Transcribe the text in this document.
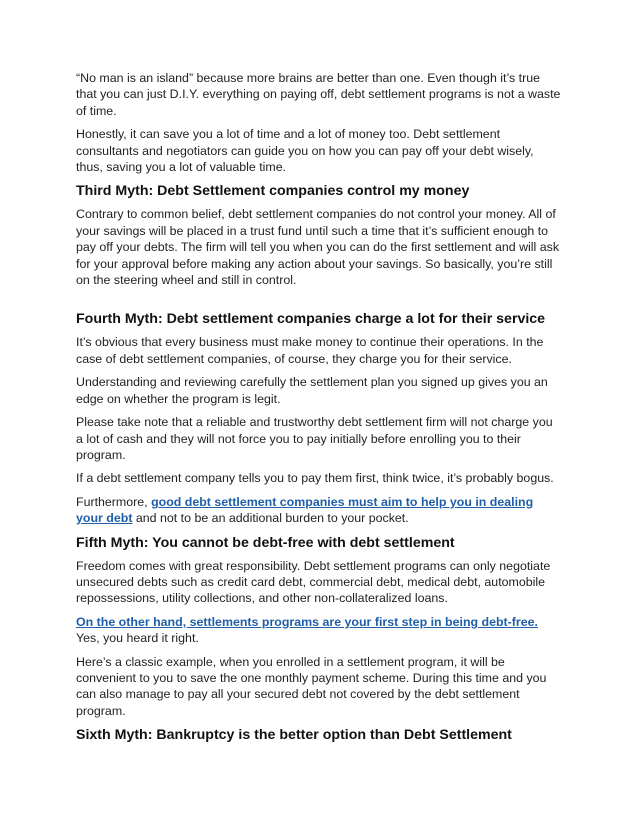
“No man is an island” because more brains are better than one. Even though it’s true that you can just D.I.Y. everything on paying off, debt settlement programs is not a waste of time.

Honestly, it can save you a lot of time and a lot of money too. Debt settlement consultants and negotiators can guide you on how you can pay off your debt wisely, thus, saving you a lot of valuable time.

Third Myth: Debt Settlement companies control my money

Contrary to common belief, debt settlement companies do not control your money. All of your savings will be placed in a trust fund until such a time that it’s sufficient enough to pay off your debts. The firm will tell you when you can do the first settlement and will ask for your approval before making any action about your savings. So basically, you’re still on the steering wheel and still in control.

Fourth Myth: Debt settlement companies charge a lot for their service

It’s obvious that every business must make money to continue their operations. In the case of debt settlement companies, of course, they charge you for their service.

Understanding and reviewing carefully the settlement plan you signed up gives you an edge on whether the program is legit.

Please take note that a reliable and trustworthy debt settlement firm will not charge you a lot of cash and they will not force you to pay initially before enrolling you to their program.

If a debt settlement company tells you to pay them first, think twice, it’s probably bogus.

Furthermore, good debt settlement companies must aim to help you in dealing your debt and not to be an additional burden to your pocket.

Fifth Myth: You cannot be debt-free with debt settlement

Freedom comes with great responsibility. Debt settlement programs can only negotiate unsecured debts such as credit card debt, commercial debt, medical debt, automobile repossessions, utility collections, and other non-collateralized loans.

On the other hand, settlements programs are your first step in being debt-free.
Yes, you heard it right.

Here’s a classic example, when you enrolled in a settlement program, it will be convenient to you to save the one monthly payment scheme. During this time and you can also manage to pay all your secured debt not covered by the debt settlement program.

Sixth Myth: Bankruptcy is the better option than Debt Settlement
